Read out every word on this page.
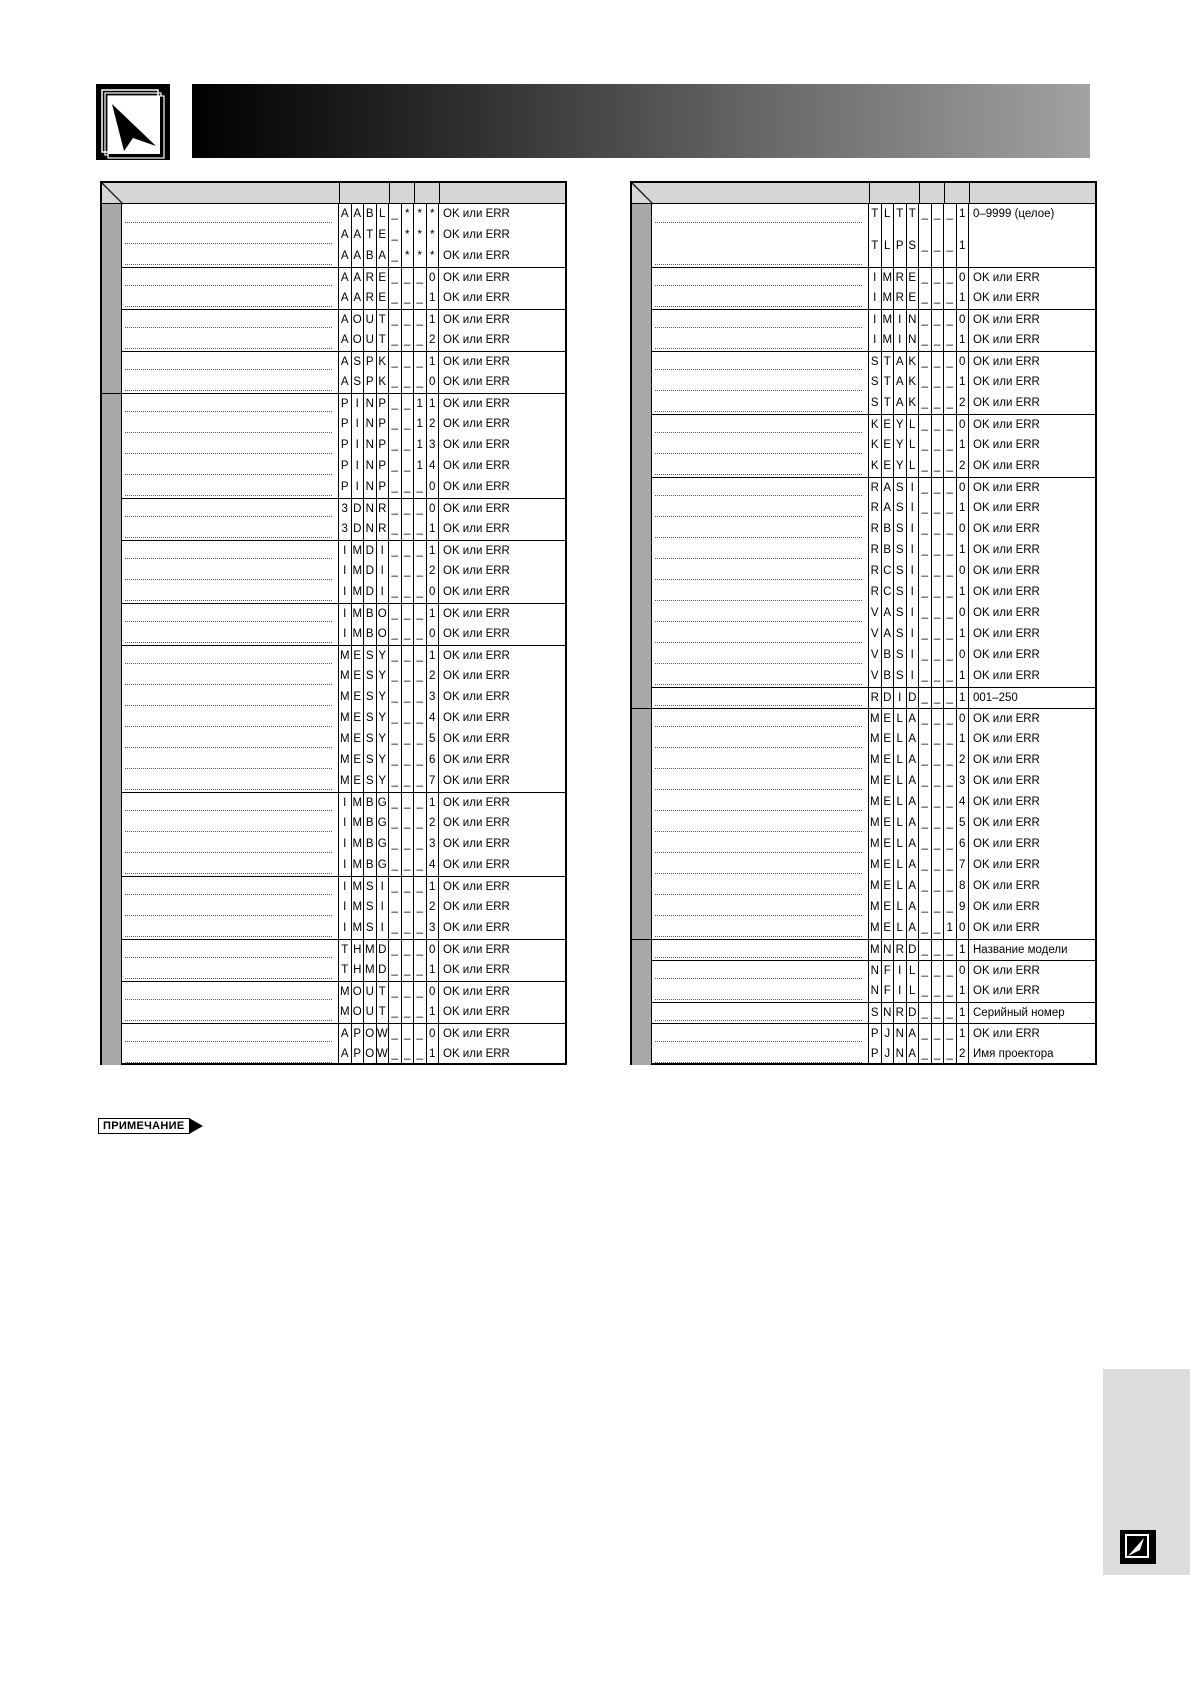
A A B L _ * * * OK или ERR
A A T E _ * * * OK или ERR
A A B A _ * * * OK или ERR
A A R E _ _ _ 0 OK или ERR
A A R E _ _ _ 1 OK или ERR
A O U T _ _ _ 1 OK или ERR
A O U T _ _ _ 2 OK или ERR
A S P K _ _ _ 1 OK или ERR
A S P K _ _ _ 0 OK или ERR
P I N P _ _ 1 1 OK или ERR
P I N P _ _ 1 2 OK или ERR
P I N P _ _ 1 3 OK или ERR
P I N P _ _ 1 4 OK или ERR
P I N P _ _ _ 0 OK или ERR
3 D N R _ _ _ 0 OK или ERR
3 D N R _ _ _ 1 OK или ERR
I M D I _ _ _ 1 OK или ERR
I M D I _ _ _ 2 OK или ERR
I M D I _ _ _ 0 OK или ERR
I M B O _ _ _ 1 OK или ERR
I M B O _ _ _ 0 OK или ERR
M E S Y _ _ _ 1 OK или ERR
M E S Y _ _ _ 2 OK или ERR
M E S Y _ _ _ 3 OK или ERR
M E S Y _ _ _ 4 OK или ERR
M E S Y _ _ _ 5 OK или ERR
M E S Y _ _ _ 6 OK или ERR
M E S Y _ _ _ 7 OK или ERR
I M B G _ _ _ 1 OK или ERR
I M B G _ _ _ 2 OK или ERR
I M B G _ _ _ 3 OK или ERR
I M B G _ _ _ 4 OK или ERR
I M S I _ _ _ 1 OK или ERR
I M S I _ _ _ 2 OK или ERR
I M S I _ _ _ 3 OK или ERR
T H M D _ _ _ 0 OK или ERR
T H M D _ _ _ 1 OK или ERR
M O U T _ _ _ 0 OK или ERR
M O U T _ _ _ 1 OK или ERR
A P O W _ _ _ 0 OK или ERR
A P O W _ _ _ 1 OK или ERR
T L T T _ _ _ 1 0–9999 (целое)
T L P S _ _ _ 1
I M R E _ _ _ 0 OK или ERR
I M R E _ _ _ 1 OK или ERR
I M I N _ _ _ 0 OK или ERR
I M I N _ _ _ 1 OK или ERR
S T A K _ _ _ 0 OK или ERR
S T A K _ _ _ 1 OK или ERR
S T A K _ _ _ 2 OK или ERR
K E Y L _ _ _ 0 OK или ERR
K E Y L _ _ _ 1 OK или ERR
K E Y L _ _ _ 2 OK или ERR
R A S I _ _ _ 0 OK или ERR
R A S I _ _ _ 1 OK или ERR
R B S I _ _ _ 0 OK или ERR
R B S I _ _ _ 1 OK или ERR
R C S I _ _ _ 0 OK или ERR
R C S I _ _ _ 1 OK или ERR
V A S I _ _ _ 0 OK или ERR
V A S I _ _ _ 1 OK или ERR
V B S I _ _ _ 0 OK или ERR
V B S I _ _ _ 1 OK или ERR
R D I D _ _ _ 1 001–250
M E L A _ _ _ 0 OK или ERR
M E L A _ _ _ 1 OK или ERR
M E L A _ _ _ 2 OK или ERR
M E L A _ _ _ 3 OK или ERR
M E L A _ _ _ 4 OK или ERR
M E L A _ _ _ 5 OK или ERR
M E L A _ _ _ 6 OK или ERR
M E L A _ _ _ 7 OK или ERR
M E L A _ _ _ 8 OK или ERR
M E L A _ _ _ 9 OK или ERR
M E L A _ _ 1 0 OK или ERR
M N R D _ _ _ 1 Название модели
N F I L _ _ _ 0 OK или ERR
N F I L _ _ _ 1 OK или ERR
S N R D _ _ _ 1 Серийный номер
P J N A _ _ _ 1 OK или ERR
P J N A _ _ _ 2 Имя проектора
ПРИМЕЧАНИЕ
